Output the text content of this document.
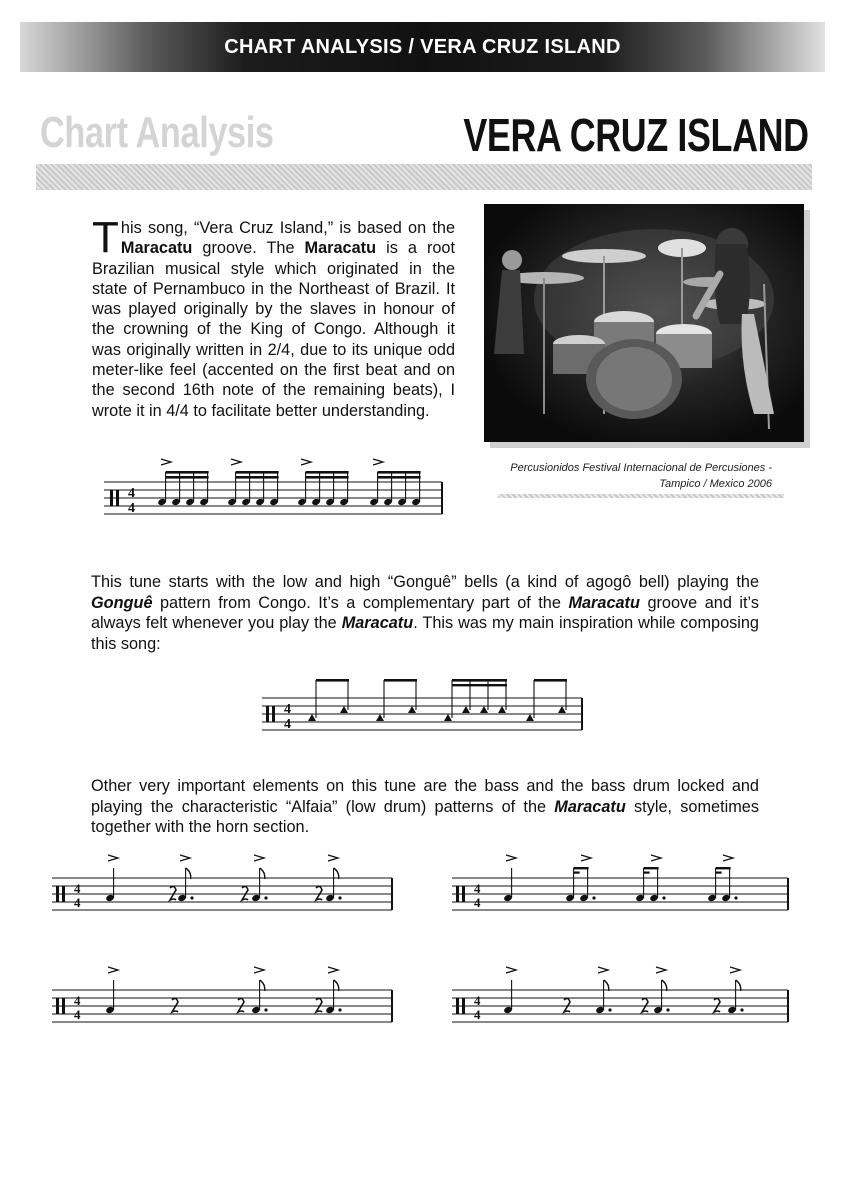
CHART ANALYSIS / VERA CRUZ ISLAND
Chart Analysis	VERA CRUZ ISLAND
This song, “Vera Cruz Island,” is based on the Maracatu groove. The Maracatu is a root Brazilian musical style which originated in the state of Pernambuco in the Northeast of Brazil. It was played originally by the slaves in honour of the crowning of the King of Congo. Although it was originally written in 2/4, due to its unique odd meter-like feel (accented on the first beat and on the second 16th note of the remaining beats), I wrote it in 4/4 to facilitate better understanding.
Percusionidos Festival Internacional de Percusiones -
Tampico / Mexico 2006
4
4
This tune starts with the low and high “Gonguê” bells (a kind of agogô bell) playing the Gonguê pattern from Congo. It’s a complementary part of the Maracatu groove and it’s always felt whenever you play the Maracatu. This was my main inspiration while composing this song:
4
4
Other very important elements on this tune are the bass and the bass drum locked and playing the characteristic “Alfaia” (low drum) patterns of the Maracatu style, sometimes together with the horn section.
4
4
4
4
4
4
4
4
